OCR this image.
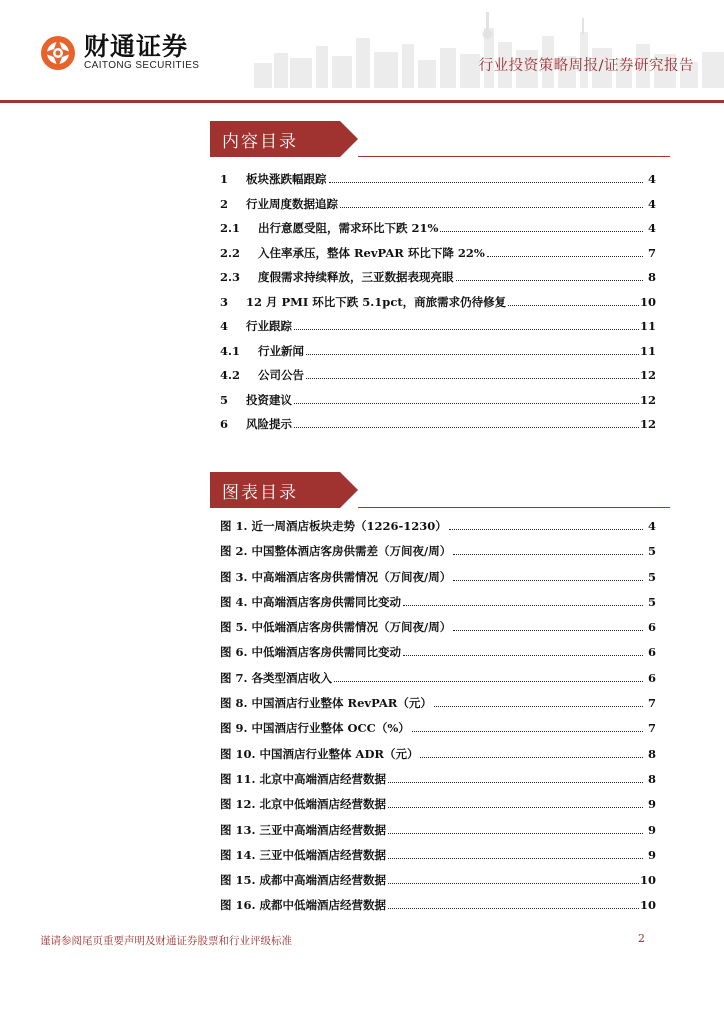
财通证券
CAITONG SECURITIES	行业投资策略周报/证券研究报告
内容目录
1	板块涨跌幅跟踪	4
2	行业周度数据追踪	4
2.1	出行意愿受阻，需求环比下跌 21%	4
2.2	入住率承压，整体 RevPAR 环比下降 22%	7
2.3	度假需求持续释放，三亚数据表现亮眼	8
3	12 月 PMI 环比下跌 5.1pct，商旅需求仍待修复	10
4	行业跟踪	11
4.1	行业新闻	11
4.2	公司公告	12
5	投资建议	12
6	风险提示	12
图表目录
图 1. 近一周酒店板块走势（1226-1230）	4
图 2. 中国整体酒店客房供需差（万间夜/周）	5
图 3. 中高端酒店客房供需情况（万间夜/周）	5
图 4. 中高端酒店客房供需同比变动	5
图 5. 中低端酒店客房供需情况（万间夜/周）	6
图 6. 中低端酒店客房供需同比变动	6
图 7. 各类型酒店收入	6
图 8. 中国酒店行业整体 RevPAR（元）	7
图 9. 中国酒店行业整体 OCC（%）	7
图 10. 中国酒店行业整体 ADR（元）	8
图 11. 北京中高端酒店经营数据	8
图 12. 北京中低端酒店经营数据	9
图 13. 三亚中高端酒店经营数据	9
图 14. 三亚中低端酒店经营数据	9
图 15. 成都中高端酒店经营数据	10
图 16. 成都中低端酒店经营数据	10
谨请参阅尾页重要声明及财通证券股票和行业评级标准	2
